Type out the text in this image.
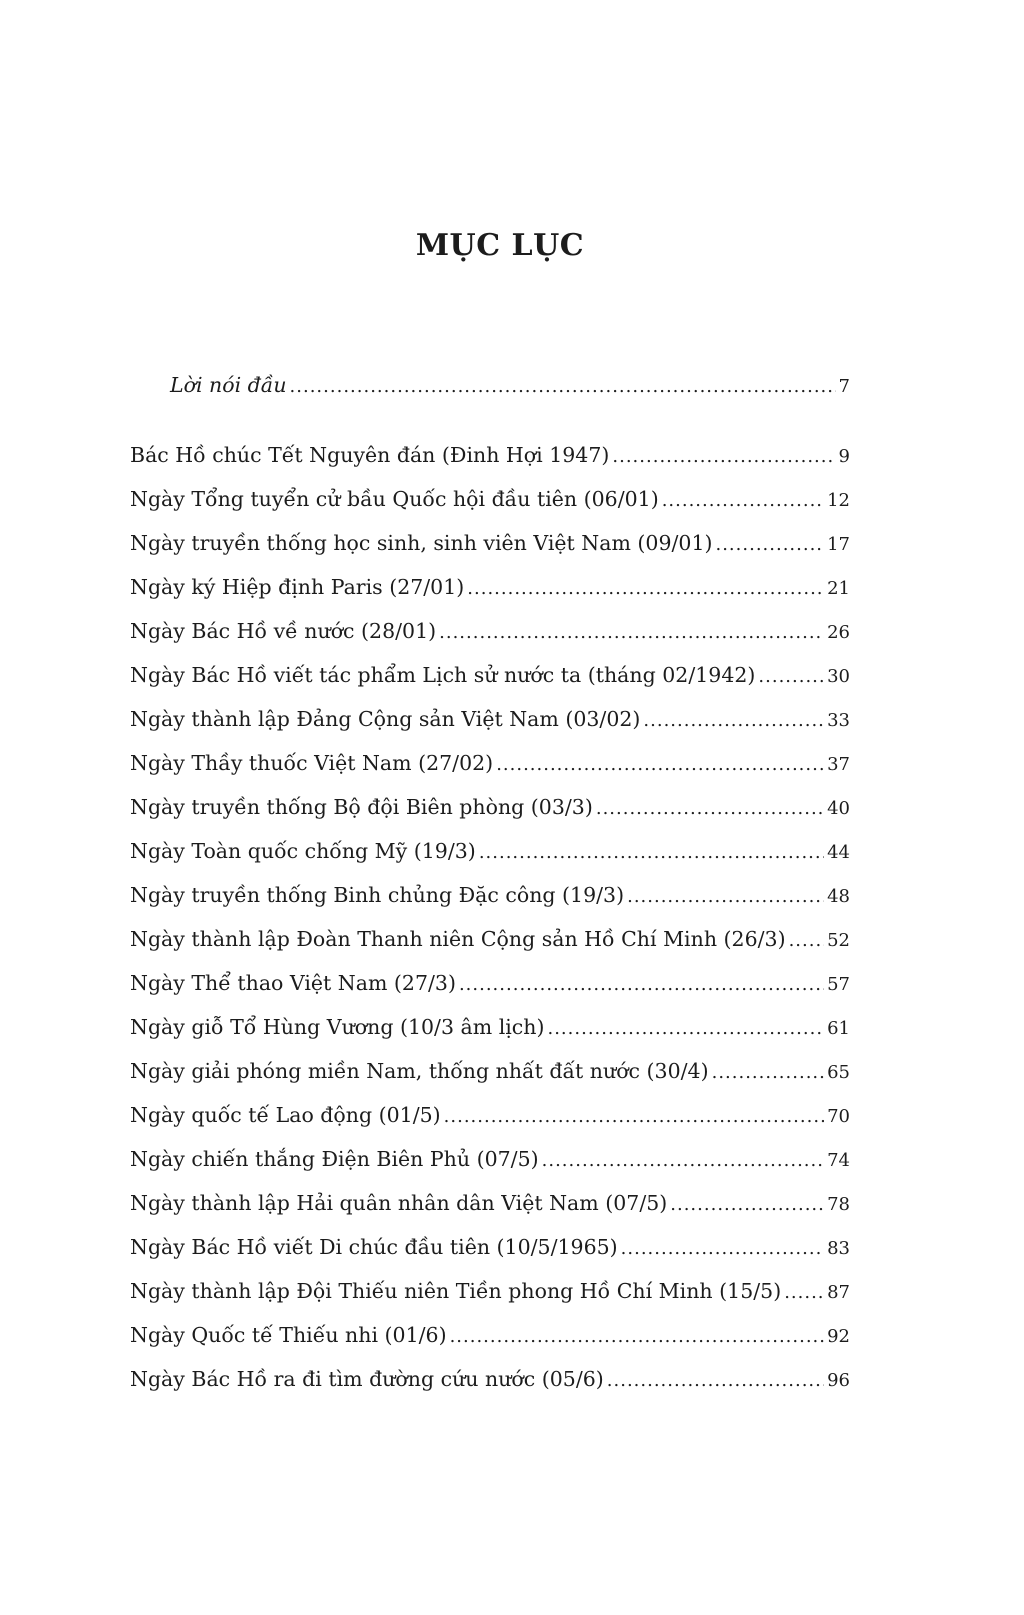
MỤC LỤC
Lời nói đầu .....	7
Bác Hồ chúc Tết Nguyên đán (Đinh Hợi 1947) .....	9
Ngày Tổng tuyển cử bầu Quốc hội đầu tiên (06/01) .....	12
Ngày truyền thống học sinh, sinh viên Việt Nam (09/01) .....	17
Ngày ký Hiệp định Paris (27/01) .....	21
Ngày Bác Hồ về nước (28/01) .....	26
Ngày Bác Hồ viết tác phẩm Lịch sử nước ta (tháng 02/1942) .....	30
Ngày thành lập Đảng Cộng sản Việt Nam (03/02) .....	33
Ngày Thầy thuốc Việt Nam (27/02) .....	37
Ngày truyền thống Bộ đội Biên phòng (03/3) .....	40
Ngày Toàn quốc chống Mỹ (19/3) .....	44
Ngày truyền thống Binh chủng Đặc công (19/3) .....	48
Ngày thành lập Đoàn Thanh niên Cộng sản Hồ Chí Minh (26/3) ..... 52
Ngày Thể thao Việt Nam (27/3) .....	57
Ngày giỗ Tổ Hùng Vương (10/3 âm lịch) .....	61
Ngày giải phóng miền Nam, thống nhất đất nước (30/4) .....	65
Ngày quốc tế Lao động (01/5) .....	70
Ngày chiến thắng Điện Biên Phủ (07/5) .....	74
Ngày thành lập Hải quân nhân dân Việt Nam (07/5) .....	78
Ngày Bác Hồ viết Di chúc đầu tiên (10/5/1965) .....	83
Ngày thành lập Đội Thiếu niên Tiền phong Hồ Chí Minh (15/5) .....	87
Ngày Quốc tế Thiếu nhi (01/6) .....	92
Ngày Bác Hồ ra đi tìm đường cứu nước (05/6) .....	96
